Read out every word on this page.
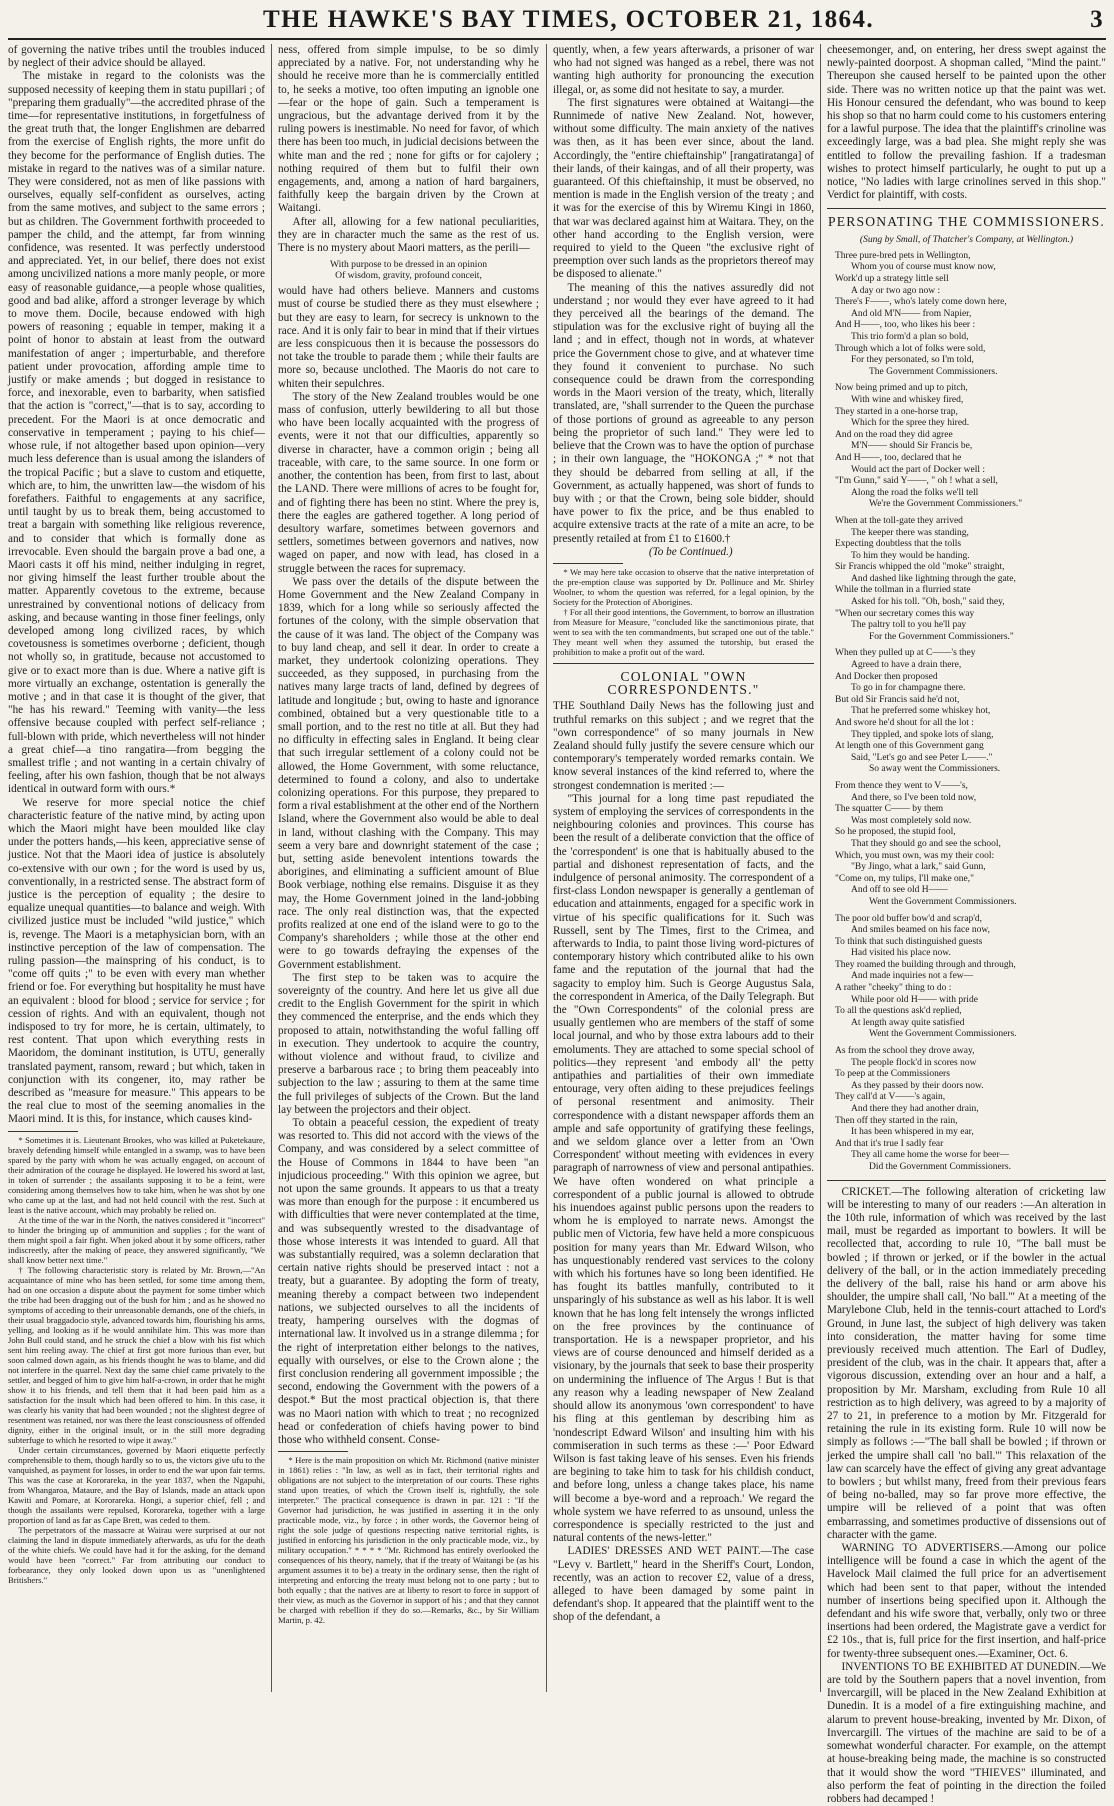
THE HAWKE'S BAY TIMES, OCTOBER 21, 1864.	3

of governing the native tribes until the troubles induced by neglect of their advice should be allayed.

The mistake in regard to the colonists was the supposed necessity of keeping them in statu pupillari ; of "preparing them gradually"—the accredited phrase of the time—for representative institutions, in forgetfulness of the great truth that, the longer Englishmen are debarred from the exercise of English rights, the more unfit do they become for the performance of English duties. The mistake in regard to the natives was of a similar nature. They were considered, not as men of like passions with ourselves, equally self-confident as ourselves, acting from the same motives, and subject to the same errors ; but as children. The Government forthwith proceeded to pamper the child, and the attempt, far from winning confidence, was resented. It was perfectly understood and appreciated. Yet, in our belief, there does not exist among uncivilized nations a more manly people, or more easy of reasonable guidance,—a people whose qualities, good and bad alike, afford a stronger leverage by which to move them. Docile, because endowed with high powers of reasoning ; equable in temper, making it a point of honor to abstain at least from the outward manifestation of anger ; imperturbable, and therefore patient under provocation, affording ample time to justify or make amends ; but dogged in resistance to force, and inexorable, even to barbarity, when satisfied that the action is "correct,"—that is to say, according to precedent. For the Maori is at once democratic and conservative in temperament ; paying to his chief—whose rule, if not altogether based upon opinion—very much less deference than is usual among the islanders of the tropical Pacific ; but a slave to custom and etiquette, which are, to him, the unwritten law—the wisdom of his forefathers. Faithful to engagements at any sacrifice, until taught by us to break them, being accustomed to treat a bargain with something like religious reverence, and to consider that which is formally done as irrevocable. Even should the bargain prove a bad one, a Maori casts it off his mind, neither indulging in regret, nor giving himself the least further trouble about the matter. Apparently covetous to the extreme, because unrestrained by conventional notions of delicacy from asking, and because wanting in those finer feelings, only developed among long civilized races, by which covetousness is sometimes overborne ; deficient, though not wholly so, in gratitude, because not accustomed to give or to exact more than is due. Where a native gift is more virtually an exchange, ostentation is generally the motive ; and in that case it is thought of the giver, that "he has his reward." Teeming with vanity—the less offensive because coupled with perfect self-reliance ; full-blown with pride, which nevertheless will not hinder a great chief—a tino rangatira—from begging the smallest trifle ; and not wanting in a certain chivalry of feeling, after his own fashion, though that be not always identical in outward form with ours.*

We reserve for more special notice the chief characteristic feature of the native mind, by acting upon which the Maori might have been moulded like clay under the potters hands,—his keen, appreciative sense of justice. Not that the Maori idea of justice is absolutely co-extensive with our own ; for the word is used by us, conventionally, in a restricted sense. The abstract form of justice is the perception of equality ; the desire to equalize unequal quantities—to balance and weigh. With civilized justice must be included "wild justice," which is, revenge. The Maori is a metaphysician born, with an instinctive perception of the law of compensation. The ruling passion—the mainspring of his conduct, is to "come off quits ;" to be even with every man whether friend or foe. For everything but hospitality he must have an equivalent : blood for blood ; service for service ; for cession of rights. And with an equivalent, though not indisposed to try for more, he is certain, ultimately, to rest content. That upon which everything rests in Maoridom, the dominant institution, is UTU, generally translated payment, ransom, reward ; but which, taken in conjunction with its congener, ito, may rather be described as "measure for measure." This appears to be the real clue to most of the seeming anomalies in the Maori mind. It is this, for instance, which causes kind-

* Sometimes it is. Lieutenant Brookes, who was killed at Puketekaure, bravely defending himself while entangled in a swamp, was to have been spared by the party with whom he was actually engaged, on account of their admiration of the courage he displayed. He lowered his sword at last, in token of surrender ; the assailants supposing it to be a feint, were considering among themselves how to take him, when he was shot by one who came up at the last, and had not held council with the rest. Such at least is the native account, which may probably be relied on.

At the time of the war in the North, the natives considered it "incorrect" to hinder the bringing up of ammunition and supplies ; for the want of them might spoil a fair fight. When joked about it by some officers, rather indiscreetly, after the making of peace, they answered significantly, "We shall know better next time."

† The following characteristic story is related by Mr. Brown,—"An acquaintance of mine who has been settled, for some time among them, had on one occasion a dispute about the payment for some timber which the tribe had been dragging out of the bush for him ; and as he showed no symptoms of acceding to their unreasonable demands, one of the chiefs, in their usual braggadocio style, advanced towards him, flourishing his arms, yelling, and looking as if he would annihilate him. This was more than John Bull could stand, and he struck the chief a blow with his fist which sent him reeling away. The chief at first got more furious than ever, but soon calmed down again, as his friends thought he was to blame, and did not interfere in the quarrel. Next day the same chief came privately to the settler, and begged of him to give him half-a-crown, in order that he might show it to his friends, and tell them that it had been paid him as a satisfaction for the insult which had been offered to him. In this case, it was clearly his vanity that had been wounded ; not the slightest degree of resentment was retained, nor was there the least consciousness of offended dignity, either in the original insult, or in the still more degrading subterfuge to which he resorted to wipe it away."

Under certain circumstances, governed by Maori etiquette perfectly comprehensible to them, though hardly so to us, the victors give ufu to the vanquished, as payment for losses, in order to end the war upon fair terms. This was the case at Kororareka, in the year 1837, when the Ngapuhi, from Whangaroa, Mataure, and the Bay of Islands, made an attack upon Kawiti and Pomare, at Kororareka. Hongi, a superior chief, fell ; and though the assailants were repulsed, Kororareka, together with a large proportion of land as far as Cape Brett, was ceded to them.

The perpetrators of the massacre at Wairau were surprised at our not claiming the land in dispute immediately afterwards, as ufu for the death of the white chiefs. We could have had it for the asking, for the demand would have been "correct." Far from attributing our conduct to forbearance, they only looked down upon us as "unenlightened Britishers."

ness, offered from simple impulse, to be so dimly appreciated by a native. For, not understanding why he should he receive more than he is commercially entitled to, he seeks a motive, too often imputing an ignoble one—fear or the hope of gain. Such a temperament is ungracious, but the advantage derived from it by the ruling powers is inestimable. No need for favor, of which there has been too much, in judicial decisions between the white man and the red ; none for gifts or for cajolery ; nothing required of them but to fulfil their own engagements, and, among a nation of hard bargainers, faithfully keep the bargain driven by the Crown at Waitangi.

After all, allowing for a few national peculiarities, they are in character much the same as the rest of us. There is no mystery about Maori matters, as the perili—

With purpose to be dressed in an opinion
Of wisdom, gravity, profound conceit,

would have had others believe. Manners and customs must of course be studied there as they must elsewhere ; but they are easy to learn, for secrecy is unknown to the race. And it is only fair to bear in mind that if their virtues are less conspicuous then it is because the possessors do not take the trouble to parade them ; while their faults are more so, because unclothed. The Maoris do not care to whiten their sepulchres.

The story of the New Zealand troubles would be one mass of confusion, utterly bewildering to all but those who have been locally acquainted with the progress of events, were it not that our difficulties, apparently so diverse in character, have a common origin ; being all traceable, with care, to the same source. In one form or another, the contention has been, from first to last, about the LAND. There were millions of acres to be fought for, and of fighting there has been no stint. Where the prey is, there the eagles are gathered together. A long period of desultory warfare, sometimes between governors and settlers, sometimes between governors and natives, now waged on paper, and now with lead, has closed in a struggle between the races for supremacy.

We pass over the details of the dispute between the Home Government and the New Zealand Company in 1839, which for a long while so seriously affected the fortunes of the colony, with the simple observation that the cause of it was land. The object of the Company was to buy land cheap, and sell it dear. In order to create a market, they undertook colonizing operations. They succeeded, as they supposed, in purchasing from the natives many large tracts of land, defined by degrees of latitude and longitude ; but, owing to haste and ignorance combined, obtained but a very questionable title to a small portion, and to the rest no title at all. But they had no difficulty in effecting sales in England. It being clear that such irregular settlement of a colony could not be allowed, the Home Government, with some reluctance, determined to found a colony, and also to undertake colonizing operations. For this purpose, they prepared to form a rival establishment at the other end of the Northern Island, where the Government also would be able to deal in land, without clashing with the Company. This may seem a very bare and downright statement of the case ; but, setting aside benevolent intentions towards the aborigines, and eliminating a sufficient amount of Blue Book verbiage, nothing else remains. Disguise it as they may, the Home Government joined in the land-jobbing race. The only real distinction was, that the expected profits realized at one end of the island were to go to the Company's shareholders ; while those at the other end were to go towards defraying the expenses of the Government establishment.

The first step to be taken was to acquire the sovereignty of the country. And here let us give all due credit to the English Government for the spirit in which they commenced the enterprise, and the ends which they proposed to attain, notwithstanding the woful falling off in execution. They undertook to acquire the country, without violence and without fraud, to civilize and preserve a barbarous race ; to bring them peaceably into subjection to the law ; assuring to them at the same time the full privileges of subjects of the Crown. But the land lay between the projectors and their object.

To obtain a peaceful cession, the expedient of treaty was resorted to. This did not accord with the views of the Company, and was considered by a select committee of the House of Commons in 1844 to have been "an injudicious proceeding." With this opinion we agree, but not upon the same grounds. It appears to us that a treaty was more than enough for the purpose : it encumbered us with difficulties that were never contemplated at the time, and was subsequently wrested to the disadvantage of those whose interests it was intended to guard. All that was substantially required, was a solemn declaration that certain native rights should be preserved intact : not a treaty, but a guarantee. By adopting the form of treaty, meaning thereby a compact between two independent nations, we subjected ourselves to all the incidents of treaty, hampering ourselves with the dogmas of international law. It involved us in a strange dilemma ; for the right of interpretation either belongs to the natives, equally with ourselves, or else to the Crown alone ; the first conclusion rendering all government impossible ; the second, endowing the Government with the powers of a despot.* But the most practical objection is, that there was no Maori nation with which to treat ; no recognized head or confederation of chiefs having power to bind those who withheld consent. Conse-

* Here is the main proposition on which Mr. Richmond (native minister in 1861) relies : "In law, as well as in fact, their territorial rights and obligations are not subject to the interpretation of our courts. These rights stand upon treaties, of which the Crown itself is, rightfully, the sole interpreter." The practical consequence is drawn in par. 121 : "If the Governor had jurisdiction, he was justified in asserting it in the only practicable mode, viz., by force ; in other words, the Governor being of right the sole judge of questions respecting native territorial rights, is justified in enforcing his jurisdiction in the only practicable mode, viz., by military occupation." * * * * "Mr. Richmond has entirely overlooked the consequences of his theory, namely, that if the treaty of Waitangi be (as his argument assumes it to be) a treaty in the ordinary sense, then the right of interpreting and enforcing the treaty must belong not to one party ; but to both equally ; that the natives are at liberty to resort to force in support of their view, as much as the Governor in support of his ; and that they cannot be charged with rebellion if they do so.—Remarks, &c., by Sir William Martin, p. 42.

quently, when, a few years afterwards, a prisoner of war who had not signed was hanged as a rebel, there was not wanting high authority for pronouncing the execution illegal, or, as some did not hesitate to say, a murder.

The first signatures were obtained at Waitangi—the Runnimede of native New Zealand. Not, however, without some difficulty. The main anxiety of the natives was then, as it has been ever since, about the land. Accordingly, the "entire chieftainship" [rangatiratanga] of their lands, of their kaingas, and of all their property, was guaranteed. Of this chieftainship, it must be observed, no mention is made in the English version of the treaty ; and it was for the exercise of this by Wiremu Kingi in 1860, that war was declared against him at Waitara. They, on the other hand according to the English version, were required to yield to the Queen "the exclusive right of preemption over such lands as the proprietors thereof may be disposed to alienate."

The meaning of this the natives assuredly did not understand ; nor would they ever have agreed to it had they perceived all the bearings of the demand. The stipulation was for the exclusive right of buying all the land ; and in effect, though not in words, at whatever price the Government chose to give, and at whatever time they found it convenient to purchase. No such consequence could be drawn from the corresponding words in the Maori version of the treaty, which, literally translated, are, "shall surrender to the Queen the purchase of those portions of ground as agreeable to any person being the proprietor of such land." They were led to believe that the Crown was to have the option of purchase ; in their own language, the "HOKONGA ;" * not that they should be debarred from selling at all, if the Government, as actually happened, was short of funds to buy with ; or that the Crown, being sole bidder, should have power to fix the price, and be thus enabled to acquire extensive tracts at the rate of a mite an acre, to be presently retailed at from £1 to £1600.†

(To be Continued.)

* We may here take occasion to observe that the native interpretation of the pre-emption clause was supported by Dr. Pollinuce and Mr. Shirley Woolner, to whom the question was referred, for a legal opinion, by the Society for the Protection of Aborigines.

† For all their good intentions, the Government, to borrow an illustration from Measure for Measure, "concluded like the sanctimonious pirate, that went to sea with the ten commandments, but scraped one out of the table." They meant well when they assumed the tutorship, but erased the prohibition to make a profit out of the ward.

COLONIAL "OWN CORRESPONDENTS."

THE Southland Daily News has the following just and truthful remarks on this subject ; and we regret that the "own correspondence" of so many journals in New Zealand should fully justify the severe censure which our contemporary's temperately worded remarks contain. We know several instances of the kind referred to, where the strongest condemnation is merited :—

"This journal for a long time past repudiated the system of employing the services of correspondents in the neighbouring colonies and provinces. This course has been the result of a deliberate conviction that the office of the 'correspondent' is one that is habitually abused to the partial and dishonest representation of facts, and the indulgence of personal animosity. The correspondent of a first-class London newspaper is generally a gentleman of education and attainments, engaged for a specific work in virtue of his specific qualifications for it. Such was Russell, sent by The Times, first to the Crimea, and afterwards to India, to paint those living word-pictures of contemporary history which contributed alike to his own fame and the reputation of the journal that had the sagacity to employ him. Such is George Augustus Sala, the correspondent in America, of the Daily Telegraph. But the "Own Correspondents" of the colonial press are usually gentlemen who are members of the staff of some local journal, and who by those extra labours add to their emoluments. They are attached to some special school of politics—they represent 'and embody all' the petty antipathies and partialities of their own immediate entourage, very often aiding to these prejudices feelings of personal resentment and animosity. Their correspondence with a distant newspaper affords them an ample and safe opportunity of gratifying these feelings, and we seldom glance over a letter from an 'Own Correspondent' without meeting with evidences in every paragraph of narrowness of view and personal antipathies. We have often wondered on what principle a correspondent of a public journal is allowed to obtrude his inuendoes against public persons upon the readers to whom he is employed to narrate news. Amongst the public men of Victoria, few have held a more conspicuous position for many years than Mr. Edward Wilson, who has unquestionably rendered vast services to the colony with which his fortunes have so long been identified. He has fought its battles manfully, contributed to it unsparingly of his substance as well as his labor. It is well known that he has long felt intensely the wrongs inflicted on the free provinces by the continuance of transportation. He is a newspaper proprietor, and his views are of course denounced and himself derided as a visionary, by the journals that seek to base their prosperity on undermining the influence of The Argus ! But is that any reason why a leading newspaper of New Zealand should allow its anonymous 'own correspondent' to have his fling at this gentleman by describing him as 'nondescript Edward Wilson' and insulting him with his commiseration in such terms as these :—' Poor Edward Wilson is fast taking leave of his senses. Even his friends are begining to take him to task for his childish conduct, and before long, unless a change takes place, his name will become a bye-word and a reproach.' We regard the whole system we have referred to as unsound, unless the correspondence is specially restricted to the just and natural contents of the news-letter."

LADIES' DRESSES AND WET PAINT.—The case "Levy v. Bartlett," heard in the Sheriff's Court, London, recently, was an action to recover £2, value of a dress, alleged to have been damaged by some paint in defendant's shop. It appeared that the plaintiff went to the shop of the defendant, a

cheesemonger, and, on entering, her dress swept against the newly-painted doorpost. A shopman called, "Mind the paint." Thereupon she caused herself to be painted upon the other side. There was no written notice up that the paint was wet. His Honour censured the defendant, who was bound to keep his shop so that no harm could come to his customers entering for a lawful purpose. The idea that the plaintiff's crinoline was exceedingly large, was a bad plea. She might reply she was entitled to follow the prevailing fashion. If a tradesman wishes to protect himself particularly, he ought to put up a notice, "No ladies with large crinolines served in this shop." Verdict for plaintiff, with costs.

PERSONATING THE COMMISSIONERS.
(Sung by Small, of Thatcher's Company, at Wellington.)
Three pure-bred pets in Wellington,
Whom you of course must know now,
Work'd up a strategy little sell
A day or two ago now :
There's F——, who's lately come down here,
And old M'N—— from Napier,
And H——, too, who likes his beer :
This trio form'd a plan so bold,
Through which a lot of folks were sold,
For they personated, so I'm told,
The Government Commissioners.
Now being primed and up to pitch,
With wine and whiskey fired,
They started in a one-horse trap,
Which for the spree they hired.
And on the road they did agree
M'N—— should Sir Francis be,
And H——, too, declared that he
Would act the part of Docker well :
"I'm Gunn," said Y——, " oh ! what a sell,
Along the road the folks we'll tell
We're the Government Commissioners."
When at the toll-gate they arrived
The keeper there was standing,
Expecting doubtless that the tolls
To him they would be handing.
Sir Francis whipped the old "moke" straight,
And dashed like lightning through the gate,
While the tollman in a flurried state
Asked for his toll. "Oh, bosh," said they,
"When our secretary comes this way
The paltry toll to you he'll pay
For the Government Commissioners."
When they pulled up at C——'s they
Agreed to have a drain there,
And Docker then proposed
To go in for champagne there.
But old Sir Francis said he'd not,
That he preferred some whiskey hot,
And swore he'd shout for all the lot :
They tippled, and spoke lots of slang,
At length one of this Government gang
Said, "Let's go and see Peter L——."
So away went the Commissioners.
From thence they went to V——'s,
And there, so I've been told now,
The squatter C—— by them
Was most completely sold now.
So he proposed, the stupid fool,
That they should go and see the school,
Which, you must own, was my their cool:
"By Jingo, what a lark," said Gunn,
"Come on, my tulips, I'll make one,"
And off to see old H——
Went the Government Commissioners.
The poor old buffer bow'd and scrap'd,
And smiles beamed on his face now,
To think that such distinguished guests
Had visited his place now.
They roamed the building through and through,
And made inquiries not a few—
A rather "cheeky" thing to do :
While poor old H—— with pride
To all the questions ask'd replied,
At length away quite satisfied
Went the Government Commissioners.
As from the school they drove away,
The people flock'd in scores now
To peep at the Commissioners
As they passed by their doors now.
They call'd at V——'s again,
And there they had another drain,
Then off they started in the rain,
It has been whispered in my ear,
And that it's true I sadly fear
They all came home the worse for beer—
Did the Government Commissioners.

CRICKET.—The following alteration of cricketing law will be interesting to many of our readers :—An alteration in the 10th rule, information of which was received by the last mail, must be regarded as important to bowlers. It will be recollected that, according to rule 10, "The ball must be bowled ; if thrown or jerked, or if the bowler in the actual delivery of the ball, or in the action immediately preceding the delivery of the ball, raise his hand or arm above his shoulder, the umpire shall call, 'No ball.'" At a meeting of the Marylebone Club, held in the tennis-court attached to Lord's Ground, in June last, the subject of high delivery was taken into consideration, the matter having for some time previously received much attention. The Earl of Dudley, president of the club, was in the chair. It appears that, after a vigorous discussion, extending over an hour and a half, a proposition by Mr. Marsham, excluding from Rule 10 all restriction as to high delivery, was agreed to by a majority of 27 to 21, in preference to a motion by Mr. Fitzgerald for retaining the rule in its existing form. Rule 10 will now be simply as follows :—"The ball shall be bowled ; if thrown or jerked the umpire shall call 'no ball.'" This relaxation of the law can scarcely have the effect of giving any great advantage to bowlers ; but whilst many, freed from their previous fears of being no-balled, may so far prove more effective, the umpire will be relieved of a point that was often embarrassing, and sometimes productive of dissensions out of character with the game.

WARNING TO ADVERTISERS.—Among our police intelligence will be found a case in which the agent of the Havelock Mail claimed the full price for an advertisement which had been sent to that paper, without the intended number of insertions being specified upon it. Although the defendant and his wife swore that, verbally, only two or three insertions had been ordered, the Magistrate gave a verdict for £2 10s., that is, full price for the first insertion, and half-price for twenty-three subsequent ones.—Examiner, Oct. 6.

INVENTIONS TO BE EXHIBITED AT DUNEDIN.—We are told by the Southern papers that a novel invention, from Invercargill, will be placed in the New Zealand Exhibition at Dunedin. It is a model of a fire extinguishing machine, and alarum to prevent house-breaking, invented by Mr. Dixon, of Invercargill. The virtues of the machine are said to be of a somewhat wonderful character. For example, on the attempt at house-breaking being made, the machine is so constructed that it would show the word "THIEVES" illuminated, and also perform the feat of pointing in the direction the foiled robbers had decamped !
